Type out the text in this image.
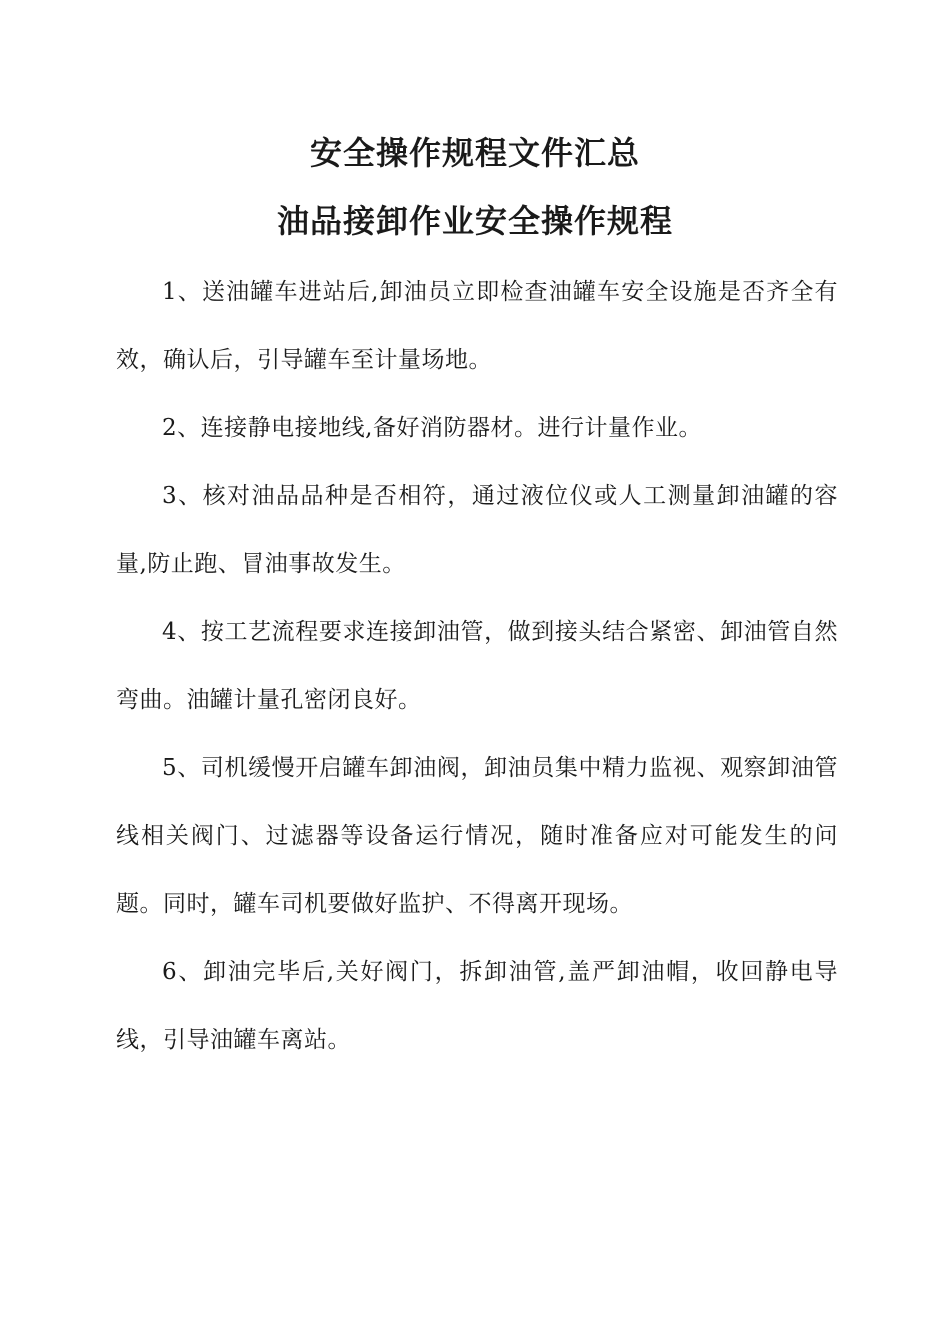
安全操作规程文件汇总
油品接卸作业安全操作规程

1、送油罐车进站后,卸油员立即检查油罐车安全设施是否齐全有效，确认后，引导罐车至计量场地。

2、连接静电接地线,备好消防器材。进行计量作业。

3、核对油品品种是否相符，通过液位仪或人工测量卸油罐的容量,防止跑、冒油事故发生。

4、按工艺流程要求连接卸油管，做到接头结合紧密、卸油管自然弯曲。油罐计量孔密闭良好。

5、司机缓慢开启罐车卸油阀，卸油员集中精力监视、观察卸油管线相关阀门、过滤器等设备运行情况，随时准备应对可能发生的问题。同时，罐车司机要做好监护、不得离开现场。

6、卸油完毕后,关好阀门，拆卸油管,盖严卸油帽，收回静电导线，引导油罐车离站。
